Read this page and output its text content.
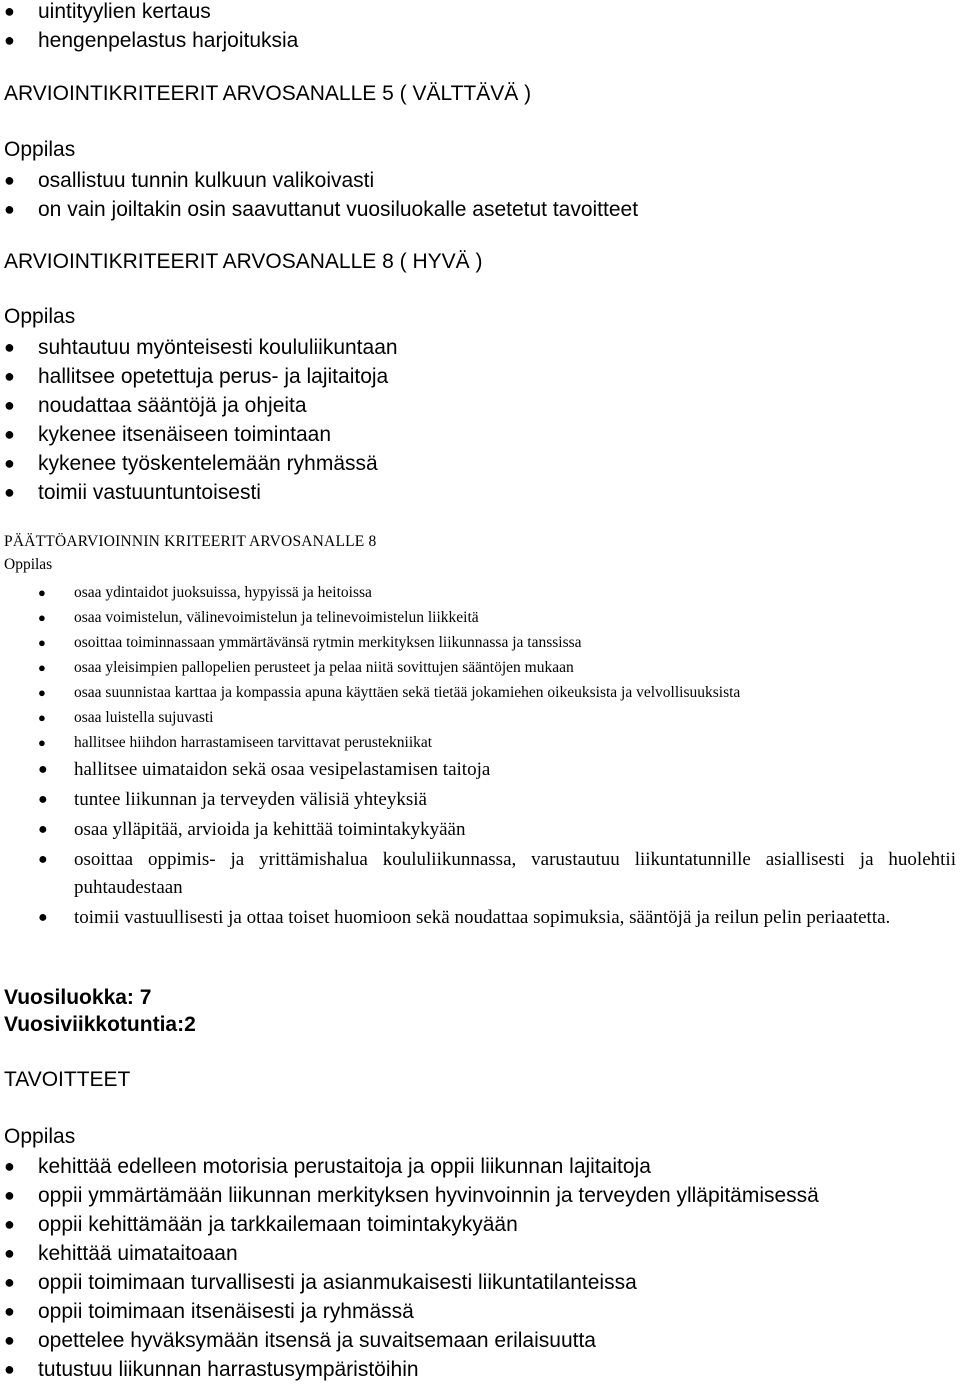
● uintityylien kertaus
● hengenpelastus harjoituksia
ARVIOINTIKRITEERIT ARVOSANALLE 5 ( VÄLTTÄVÄ )
Oppilas
● osallistuu tunnin kulkuun valikoivasti
● on vain joiltakin osin saavuttanut vuosiluokalle asetetut tavoitteet
ARVIOINTIKRITEERIT ARVOSANALLE 8 ( HYVÄ )
Oppilas
● suhtautuu myönteisesti koululiikuntaan
● hallitsee opetettuja perus- ja lajitaitoja
● noudattaa sääntöjä ja ohjeita
● kykenee itsenäiseen toimintaan
● kykenee työskentelemään ryhmässä
● toimii vastuuntuntoisesti
PÄÄTTÖARVIOINNIN KRITEERIT ARVOSANALLE 8
Oppilas
● osaa ydintaidot juoksuissa, hypyissä ja heitoissa
● osaa voimistelun, välinevoimistelun ja telinevoimistelun liikkeitä
● osoittaa toiminnassaan ymmärtävänsä rytmin merkityksen liikunnassa ja tanssissa
● osaa yleisimpien pallopelien perusteet ja pelaa niitä sovittujen sääntöjen mukaan
● osaa suunnistaa karttaa ja kompassia apuna käyttäen sekä tietää jokamiehen oikeuksista ja velvollisuuksista
● osaa luistella sujuvasti
● hallitsee hiihdon harrastamiseen tarvittavat perustekniikat
● hallitsee uimataidon sekä osaa vesipelastamisen taitoja
● tuntee liikunnan ja terveyden välisiä yhteyksiä
● osaa ylläpitää, arvioida ja kehittää toimintakykyään
● osoittaa oppimis- ja yrittämishalua koululiikunnassa, varustautuu liikuntatunnille asiallisesti ja huolehtii puhtaudestaan
● toimii vastuullisesti ja ottaa toiset huomioon sekä noudattaa sopimuksia, sääntöjä ja reilun pelin periaatetta.
Vuosiluokka: 7
Vuosiviikkotuntia:2
TAVOITTEET
Oppilas
● kehittää edelleen motorisia perustaitoja ja oppii liikunnan lajitaitoja
● oppii ymmärtämään liikunnan merkityksen hyvinvoinnin ja terveyden ylläpitämisessä
● oppii kehittämään ja tarkkailemaan toimintakykyään
● kehittää uimataitoaan
● oppii toimimaan turvallisesti ja asianmukaisesti liikuntatilanteissa
● oppii toimimaan itsenäisesti ja ryhmässä
● opettelee hyväksymään itsensä ja suvaitsemaan erilaisuutta
● tutustuu liikunnan harrastusympäristöihin
